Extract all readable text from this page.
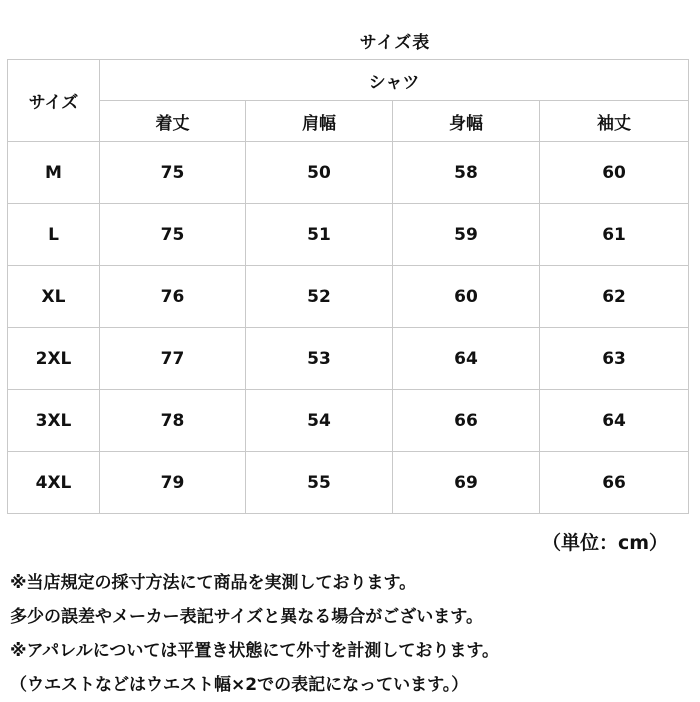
サイズ表
サイズ	シャツ			
	着丈	肩幅	身幅	袖丈
M	75	50	58	60
L	75	51	59	61
XL	76	52	60	62
2XL	77	53	64	63
3XL	78	54	66	64
4XL	79	55	69	66
（単位：cm）
※当店規定の採寸方法にて商品を実測しております。
多少の誤差やメーカー表記サイズと異なる場合がございます。
※アパレルについては平置き状態にて外寸を計測しております。
（ウエストなどはウエスト幅×2での表記になっています。）
